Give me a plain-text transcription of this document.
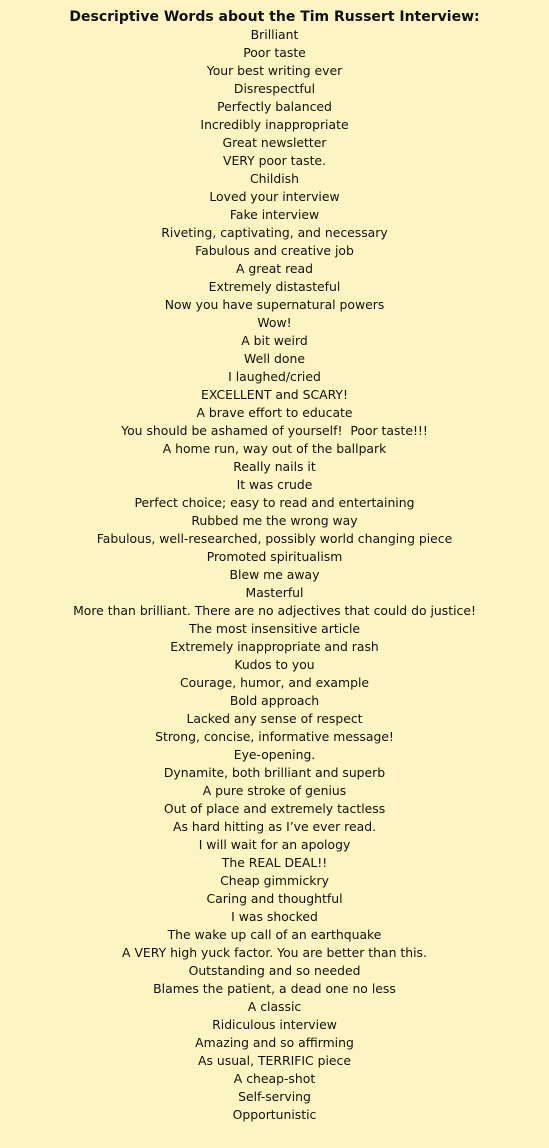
Descriptive Words about the Tim Russert Interview:
Brilliant
Poor taste
Your best writing ever
Disrespectful
Perfectly balanced
Incredibly inappropriate
Great newsletter
VERY poor taste.
Childish
Loved your interview
Fake interview
Riveting, captivating, and necessary
Fabulous and creative job
A great read
Extremely distasteful
Now you have supernatural powers
Wow!
A bit weird
Well done
I laughed/cried
EXCELLENT and SCARY!
A brave effort to educate
You should be ashamed of yourself!  Poor taste!!!
A home run, way out of the ballpark
Really nails it
It was crude
Perfect choice; easy to read and entertaining
Rubbed me the wrong way
Fabulous, well-researched, possibly world changing piece
Promoted spiritualism
Blew me away
Masterful
More than brilliant. There are no adjectives that could do justice!
The most insensitive article
Extremely inappropriate and rash
Kudos to you
Courage, humor, and example
Bold approach
Lacked any sense of respect
Strong, concise, informative message!
Eye-opening.
Dynamite, both brilliant and superb
A pure stroke of genius
Out of place and extremely tactless
As hard hitting as I’ve ever read.
I will wait for an apology
The REAL DEAL!!
Cheap gimmickry
Caring and thoughtful
I was shocked
The wake up call of an earthquake
A VERY high yuck factor. You are better than this.
Outstanding and so needed
Blames the patient, a dead one no less
A classic
Ridiculous interview
Amazing and so affirming
As usual, TERRIFIC piece
A cheap-shot
Self-serving
Opportunistic
